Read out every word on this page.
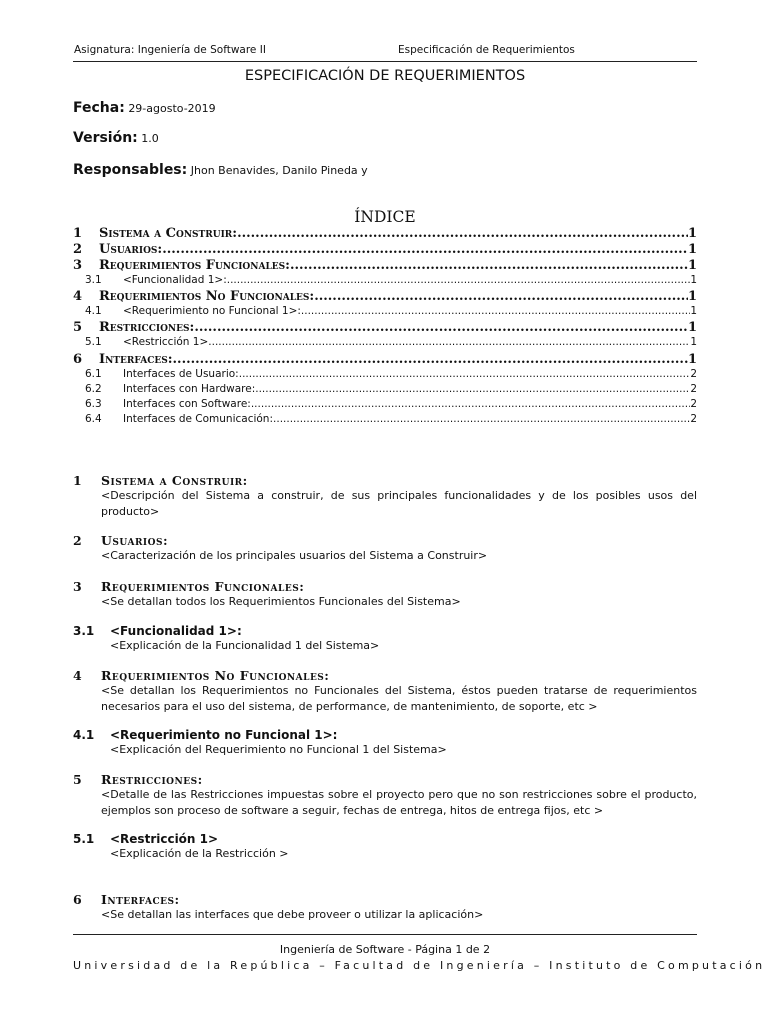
Asignatura: Ingeniería de Software II	Especificación de Requerimientos
ESPECIFICACIÓN DE REQUERIMIENTOS
Fecha: 29-agosto-2019
Versión: 1.0
Responsables: Jhon Benavides, Danilo Pineda y
ÍNDICE
1	Sistema a Construir: .....	1
2	Usuarios: .....	1
3	Requerimientos Funcionales: .....	1
3.1	<Funcionalidad 1>: .....	1
4	Requerimientos No Funcionales: .....	1
4.1	<Requerimiento no Funcional 1>: .....	1
5	Restricciones: .....	1
5.1	<Restricción 1> .....	1
6	Interfaces: .....	1
6.1	Interfaces de Usuario: .....	2
6.2	Interfaces con Hardware: .....	2
6.3	Interfaces con Software: .....	2
6.4	Interfaces de Comunicación: .....	2
1	Sistema a Construir:
<Descripción del Sistema a construir, de sus principales funcionalidades y de los posibles usos del producto>
2	Usuarios:
<Caracterización de los principales usuarios del Sistema a Construir>
3	Requerimientos Funcionales:
<Se detallan todos los Requerimientos Funcionales del Sistema>
3.1	<Funcionalidad 1>:
<Explicación de la Funcionalidad 1 del Sistema>
4	Requerimientos No Funcionales:
<Se detallan los Requerimientos no Funcionales del Sistema, éstos pueden tratarse de requerimientos necesarios para el uso del sistema, de performance, de mantenimiento, de soporte, etc >
4.1	<Requerimiento no Funcional 1>:
<Explicación del Requerimiento no Funcional 1 del Sistema>
5	Restricciones:
<Detalle de las Restricciones impuestas sobre el proyecto pero que no son restricciones sobre el producto, ejemplos son proceso de software a seguir, fechas de entrega, hitos de entrega fijos, etc >
5.1	<Restricción 1>
<Explicación de la Restricción >
6	Interfaces:
<Se detallan las interfaces que debe proveer o utilizar la aplicación>
Ingeniería de Software - Página 1 de 2
Universidad de la República – Facultad de Ingeniería – Instituto de Computación
